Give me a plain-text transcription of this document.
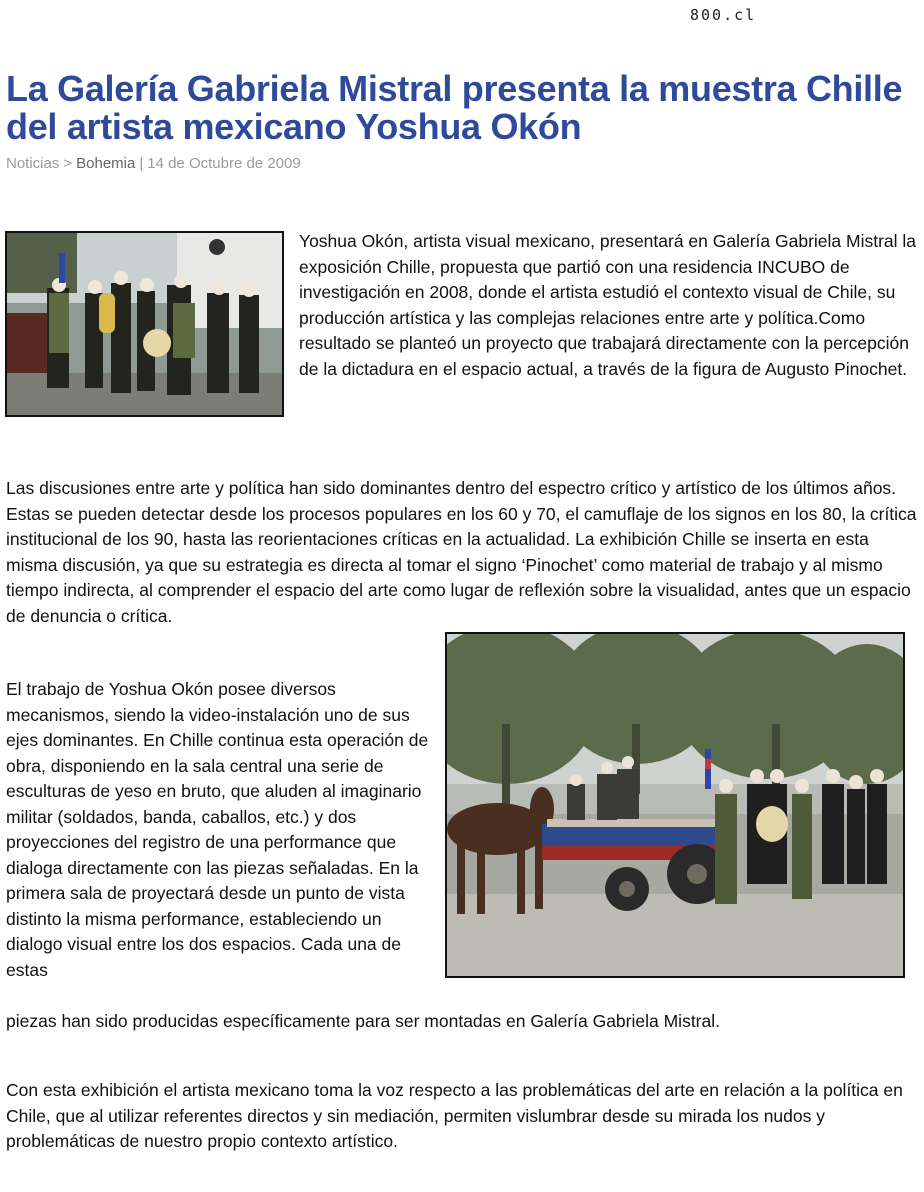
800.cl
La Galería Gabriela Mistral presenta la muestra Chille del artista mexicano Yoshua Okón
Noticias > Bohemia | 14 de Octubre de 2009

Yoshua Okón, artista visual mexicano, presentará en Galería Gabriela Mistral la exposición Chille, propuesta que partió con una residencia INCUBO de investigación en 2008, donde el artista estudió el contexto visual de Chile, su producción artística y las complejas relaciones entre arte y política.Como resultado se planteó un proyecto que trabajará directamente con la percepción de la dictadura en el espacio actual, a través de la figura de Augusto Pinochet.

Las discusiones entre arte y política han sido dominantes dentro del espectro crítico y artístico de los últimos años. Estas se pueden detectar desde los procesos populares en los 60 y 70, el camuflaje de los signos en los 80, la crítica institucional de los 90, hasta las reorientaciones críticas en la actualidad. La exhibición Chille se inserta en esta misma discusión, ya que su estrategia es directa al tomar el signo ‘Pinochet’ como material de trabajo y al mismo tiempo indirecta, al comprender el espacio del arte como lugar de reflexión sobre la visualidad, antes que un espacio de denuncia o crítica.

El trabajo de Yoshua Okón posee diversos mecanismos, siendo la video-instalación uno de sus ejes dominantes. En Chille continua esta operación de obra, disponiendo en la sala central una serie de esculturas de yeso en bruto, que aluden al imaginario militar (soldados, banda, caballos, etc.) y dos proyecciones del registro de una performance que dialoga directamente con las piezas señaladas. En la primera sala de proyectará desde un punto de vista distinto la misma performance, estableciendo un dialogo visual entre los dos espacios. Cada una de estas

piezas han sido producidas específicamente para ser montadas en Galería Gabriela Mistral.

Con esta exhibición el artista mexicano toma la voz respecto a las problemáticas del arte en relación a la política en Chile, que al utilizar referentes directos y sin mediación, permiten vislumbrar desde su mirada los nudos y problemáticas de nuestro propio contexto artístico.
